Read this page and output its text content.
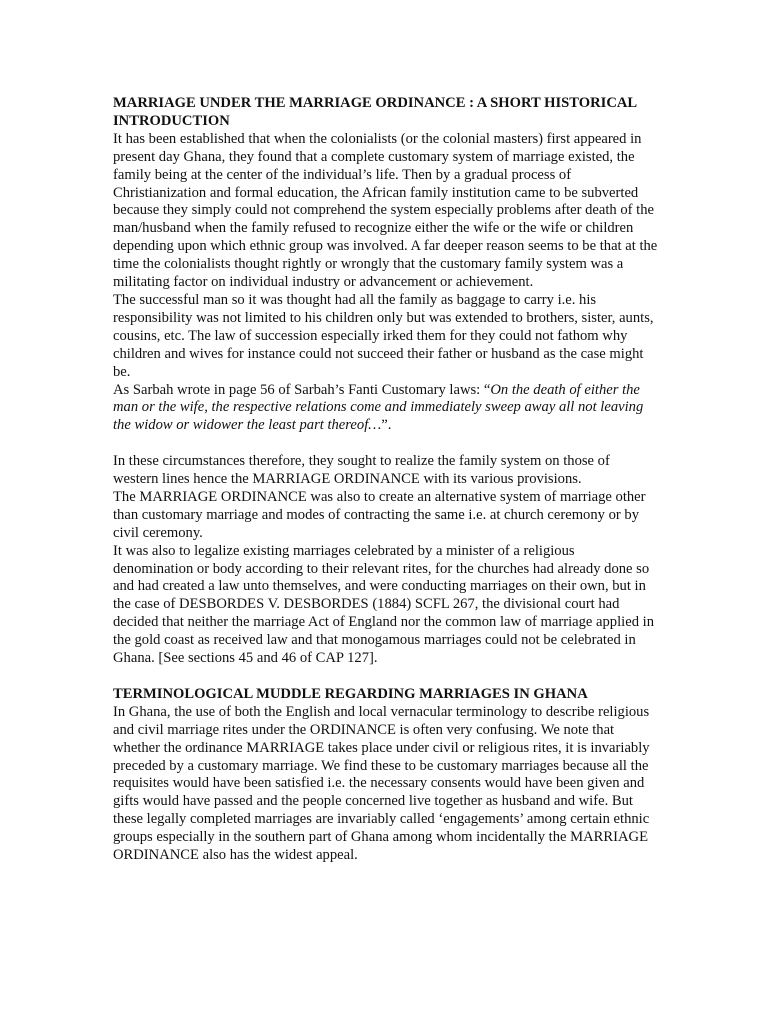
MARRIAGE UNDER THE MARRIAGE ORDINANCE : A SHORT HISTORICAL INTRODUCTION

It has been established that when the colonialists (or the colonial masters) first appeared in present day Ghana, they found that a complete customary system of marriage existed, the family being at the center of the individual’s life. Then by a gradual process of Christianization and formal education, the African family institution came to be subverted because they simply could not comprehend the system especially problems after death of the man/husband when the family refused to recognize either the wife or the wife or children depending upon which ethnic group was involved. A far deeper reason seems to be that at the time the colonialists thought rightly or wrongly that the customary family system was a militating factor on individual industry or advancement or achievement.

The successful man so it was thought had all the family as baggage to carry i.e. his responsibility was not limited to his children only but was extended to brothers, sister, aunts, cousins, etc. The law of succession especially irked them for they could not fathom why children and wives for instance could not succeed their father or husband as the case might be.

As Sarbah wrote in page 56 of Sarbah’s Fanti Customary laws: “On the death of either the man or the wife, the respective relations come and immediately sweep away all not leaving the widow or widower the least part thereof…”.

In these circumstances therefore, they sought to realize the family system on those of western lines hence the MARRIAGE ORDINANCE with its various provisions.

The MARRIAGE ORDINANCE was also to create an alternative system of marriage other than customary marriage and modes of contracting the same i.e. at church ceremony or by civil ceremony.

It was also to legalize existing marriages celebrated by a minister of a religious denomination or body according to their relevant rites, for the churches had already done so and had created a law unto themselves, and were conducting marriages on their own, but in the case of DESBORDES V. DESBORDES (1884) SCFL 267, the divisional court had decided that neither the marriage Act of England nor the common law of marriage applied in the gold coast as received law and that monogamous marriages could not be celebrated in Ghana. [See sections 45 and 46 of CAP 127].

TERMINOLOGICAL MUDDLE REGARDING MARRIAGES IN GHANA

In Ghana, the use of both the English and local vernacular terminology to describe religious and civil marriage rites under the ORDINANCE is often very confusing. We note that whether the ordinance MARRIAGE takes place under civil or religious rites, it is invariably preceded by a customary marriage. We find these to be customary marriages because all the requisites would have been satisfied i.e. the necessary consents would have been given and gifts would have passed and the people concerned live together as husband and wife. But these legally completed marriages are invariably called ‘engagements’ among certain ethnic groups especially in the southern part of Ghana among whom incidentally the MARRIAGE ORDINANCE also has the widest appeal.
